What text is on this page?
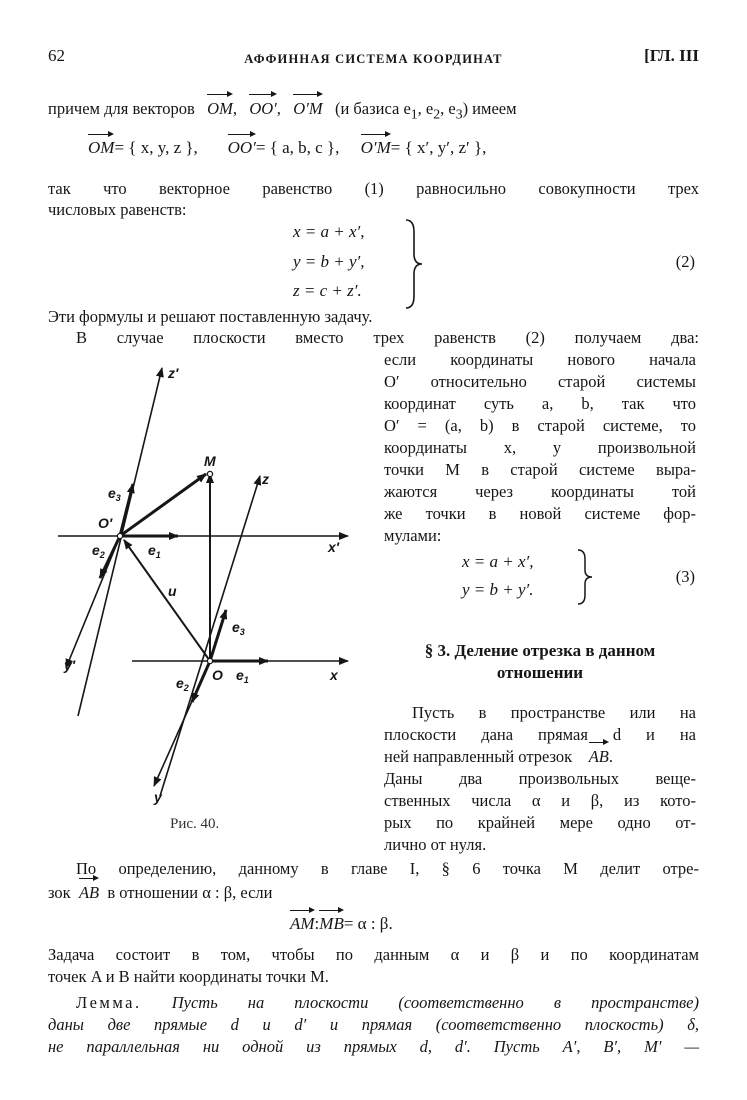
62	АФФИННАЯ СИСТЕМА КООРДИНАТ	[ГЛ. III
причем для векторов OM,   OO′,   O′M (и базиса $e_1$, $e_2$, $e_3$) имеем
OM= { x, y, z }, OO′= { a, b, c }, O′M= { x′, y′, z′ },
так что векторное равенство (1) равносильно совокупности трех
числовых равенств:
x = a + x′,
y = b + y′,
z = c + z′.
(2)
Эти формулы и решают поставленную задачу.
В случае плоскости вместо трех равенств (2) получаем два:
если координаты нового начала
O′ относительно старой системы
координат суть a, b, так что
O′ = (a, b) в старой системе, то
координаты x, y произвольной
точки M в старой системе выра-
жаются через координаты той
же точки в новой системе фор-
мулами:
x = a + x′,
y = b + y′.
(3)
§ 3. Деление отрезка в данном
отношении
Пусть в пространстве или на
плоскости дана прямая d и на
ней направленный отрезок AB.
Даны два произвольных веще-
ственных числа α и β, из кото-
рых по крайней мере одно от-
лично от нуля.
z′
M
z
$e_3$
O′
x′
$e_2$	$e_1$
u
$e_3$
y′
O
$e_2$
$e_1$	x
y
Рис. 40.
По определению, данному в главе I, § 6 точка M делит отре-
зок AB в отношении α : β, если
AM:MB= α : β.
Задача состоит в том, чтобы по данным α и β и по координатам
точек A и B найти координаты точки M.
Лемма. Пусть на плоскости (соответственно в пространстве)
даны две прямые d и d′ и прямая (соответственно плоскость) δ,
не параллельная ни одной из прямых d, d′. Пусть A′, B′, M′ —
